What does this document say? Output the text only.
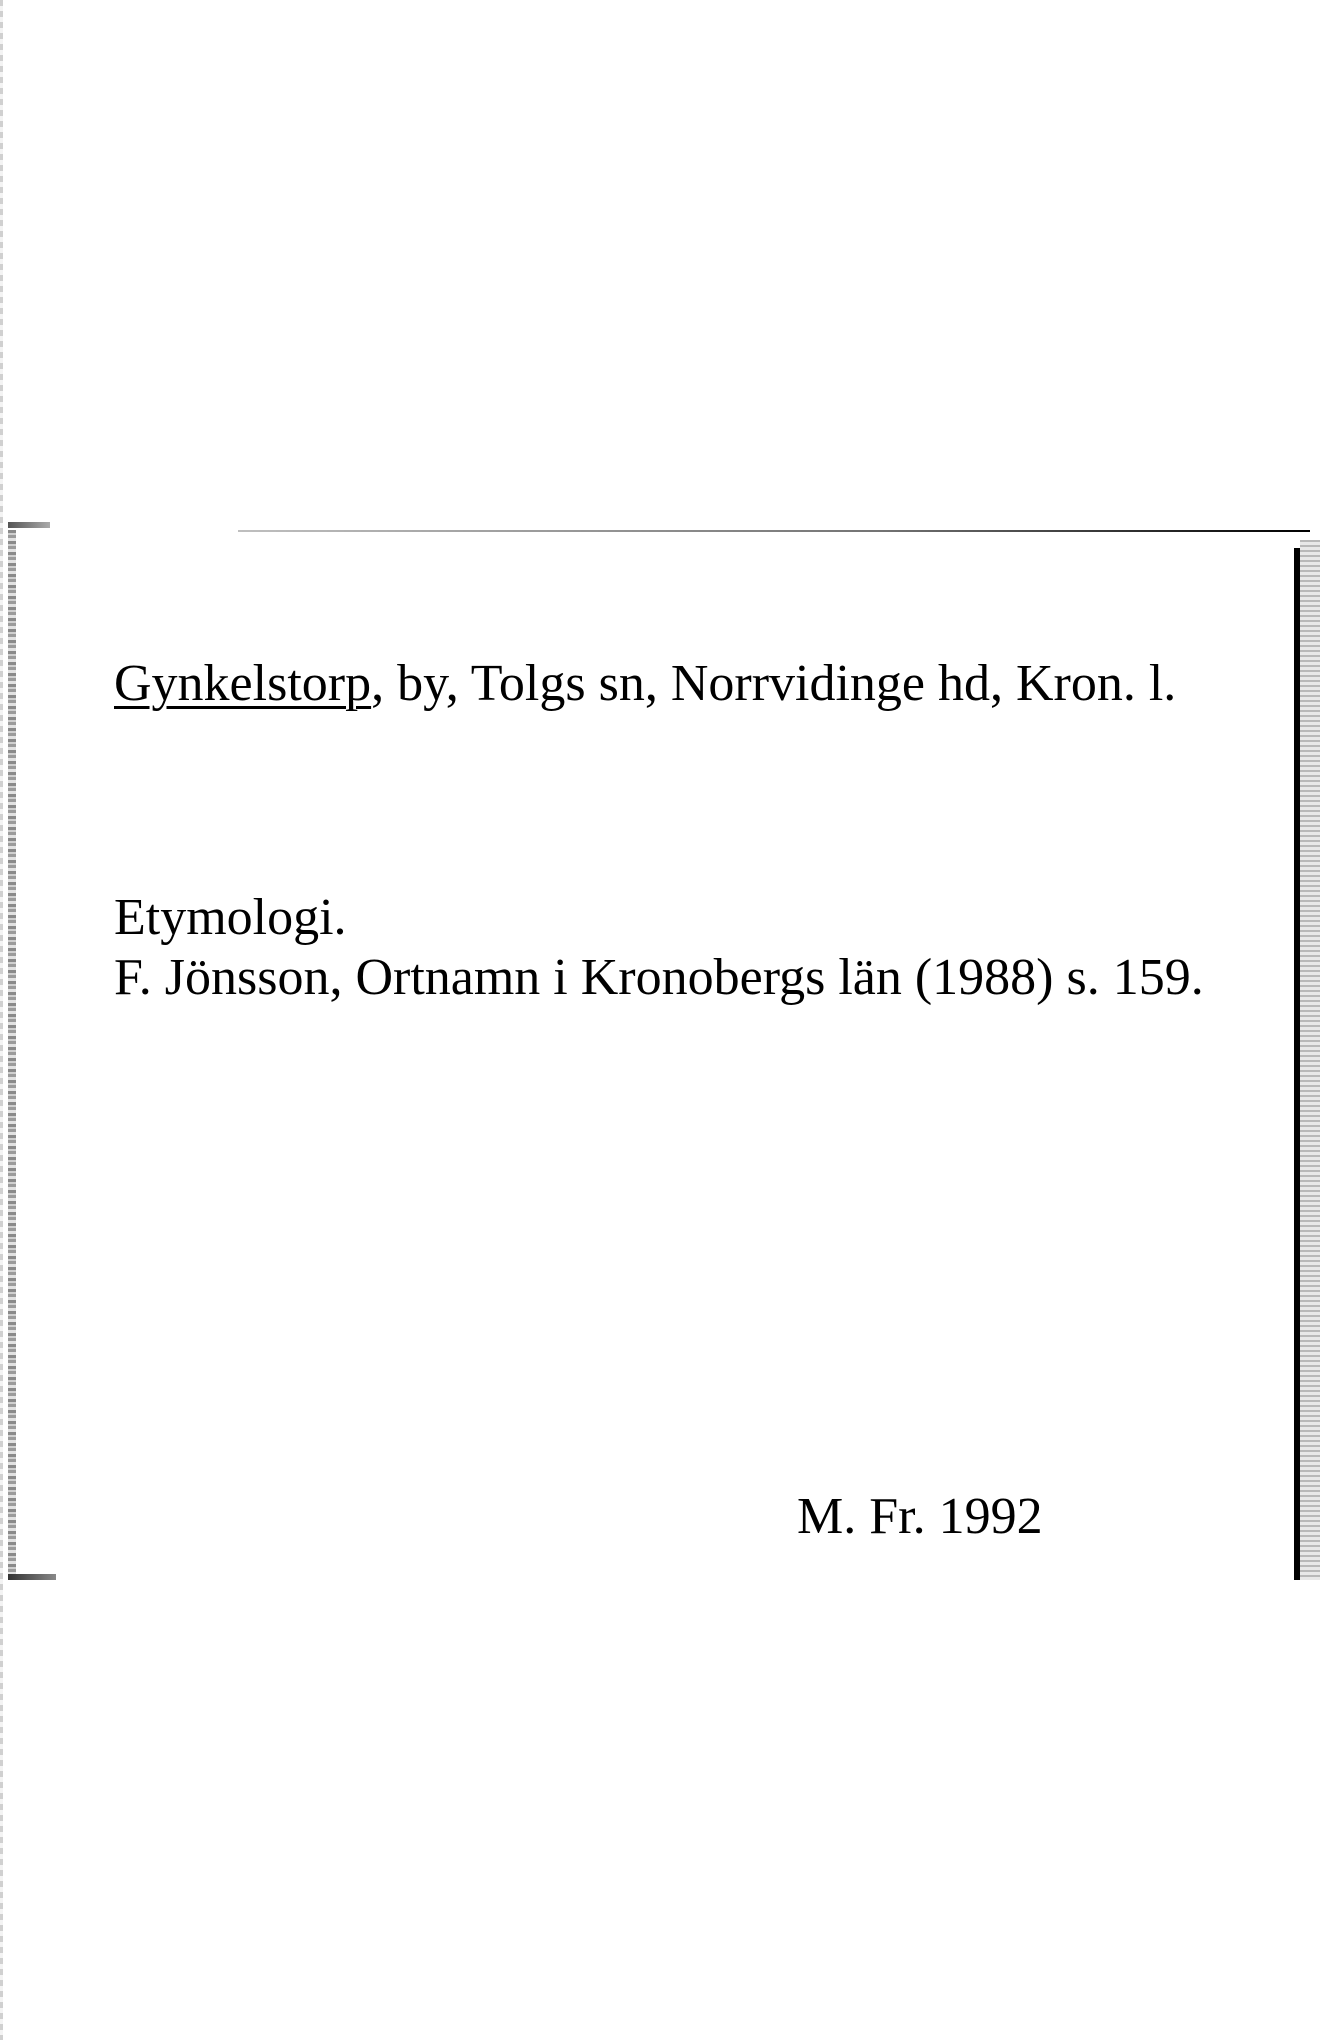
Gynkelstorp, by, Tolgs sn, Norrvidinge hd, Kron. l.
Etymologi.
F. Jönsson, Ortnamn i Kronobergs län (1988) s. 159.
M. Fr. 1992
